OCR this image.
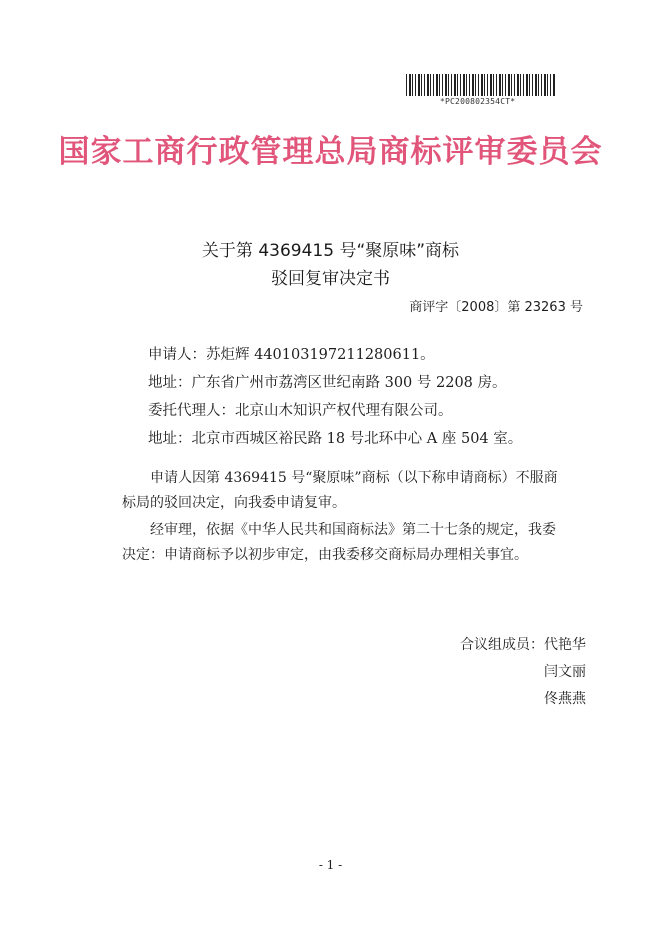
*PC200802354CT*
国家工商行政管理总局商标评审委员会
关于第 4369415 号“聚原味”商标
驳回复审决定书
商评字〔2008〕第 23263 号
申请人：苏炬辉 440103197211280611。
地址：广东省广州市荔湾区世纪南路 300 号 2208 房。
委托代理人：北京山木知识产权代理有限公司。
地址：北京市西城区裕民路 18 号北环中心 A 座 504 室。
申请人因第 4369415 号“聚原味”商标（以下称申请商标）不服商标局的驳回决定，向我委申请复审。
经审理，依据《中华人民共和国商标法》第二十七条的规定，我委决定：申请商标予以初步审定，由我委移交商标局办理相关事宜。
合议组成员：代艳华
闫文丽
佟燕燕
- 1 -
